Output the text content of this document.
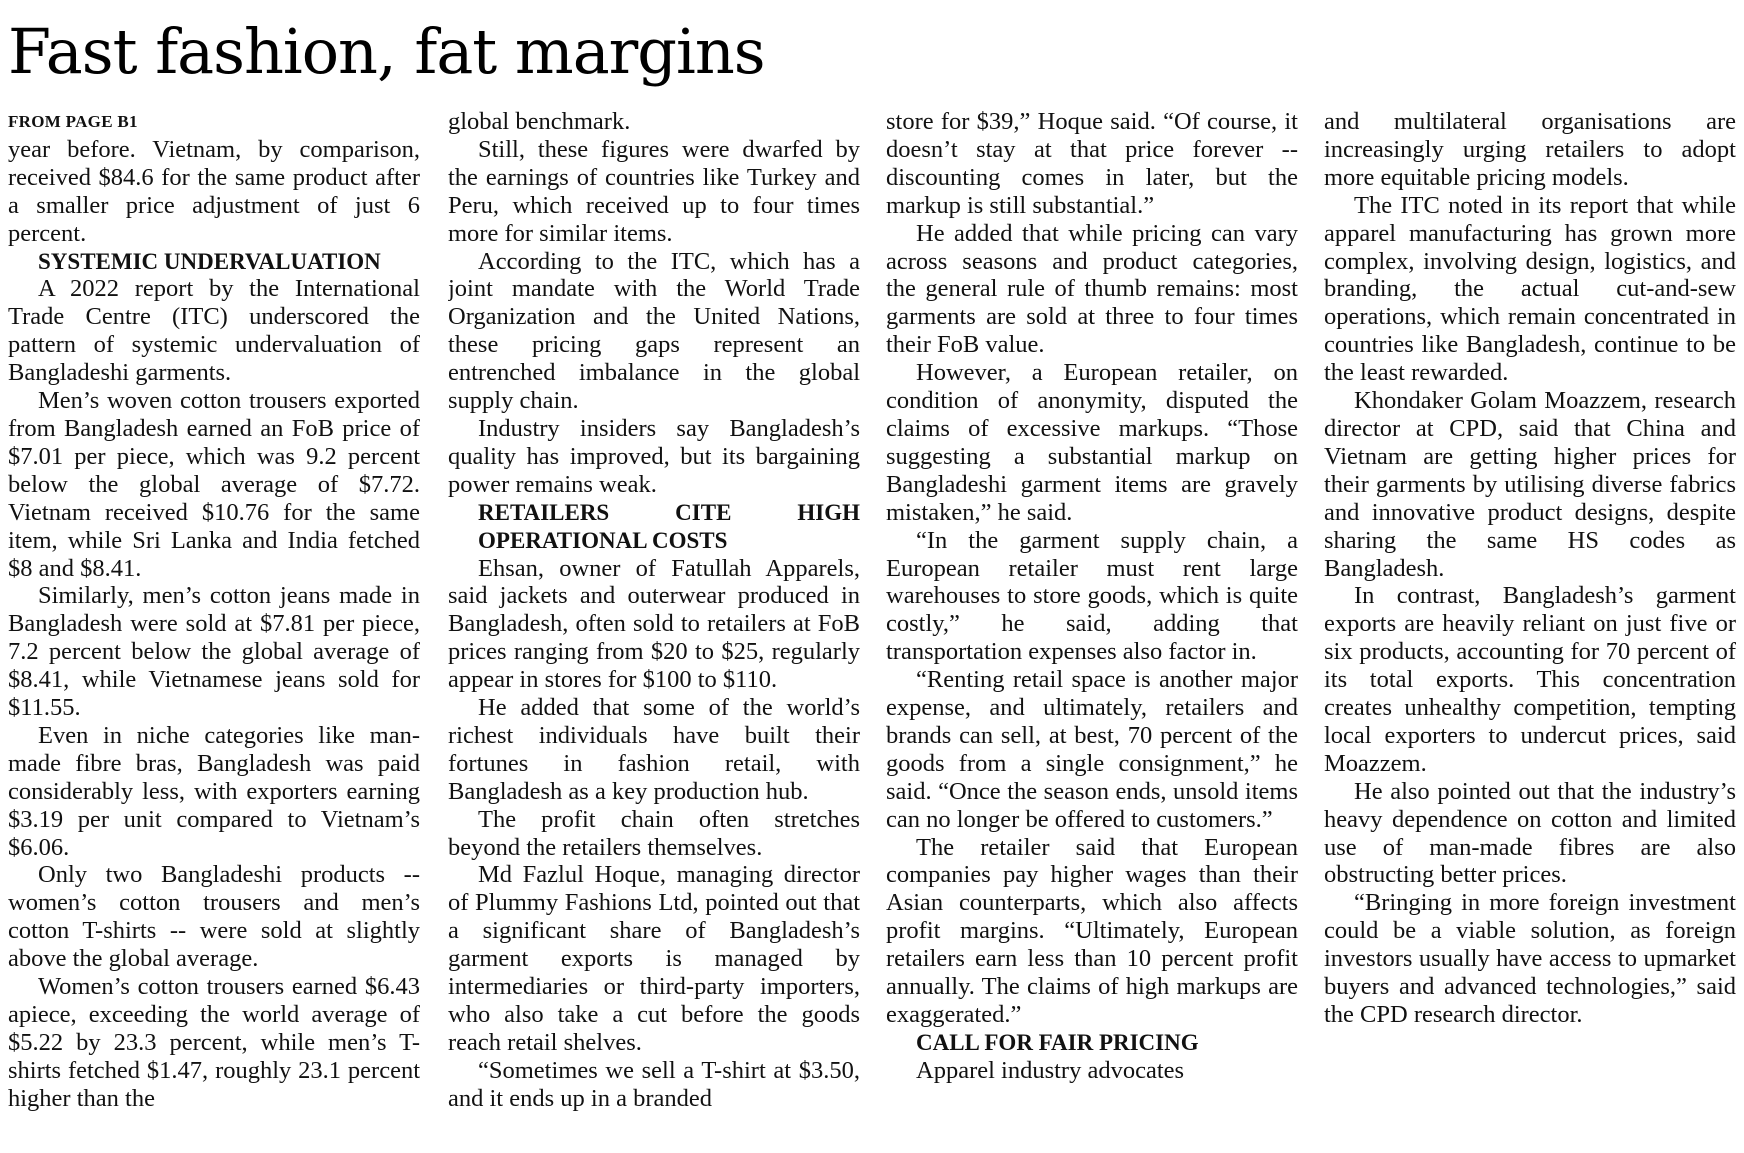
Fast fashion, fat margins
FROM PAGE B1

year before. Vietnam, by comparison, received $84.6 for the same product after a smaller price adjustment of just 6 percent.

SYSTEMIC UNDERVALUATION

A 2022 report by the International Trade Centre (ITC) underscored the pattern of systemic undervaluation of Bangladeshi garments.

Men’s woven cotton trousers exported from Bangladesh earned an FoB price of $7.01 per piece, which was 9.2 percent below the global average of $7.72. Vietnam received $10.76 for the same item, while Sri Lanka and India fetched $8 and $8.41.

Similarly, men’s cotton jeans made in Bangladesh were sold at $7.81 per piece, 7.2 percent below the global average of $8.41, while Vietnamese jeans sold for $11.55.

Even in niche categories like man-made fibre bras, Bangladesh was paid considerably less, with exporters earning $3.19 per unit compared to Vietnam’s $6.06.

Only two Bangladeshi products -- women’s cotton trousers and men’s cotton T-shirts -- were sold at slightly above the global average.

Women’s cotton trousers earned $6.43 apiece, exceeding the world average of $5.22 by 23.3 percent, while men’s T-shirts fetched $1.47, roughly 23.1 percent higher than the

global benchmark.

Still, these figures were dwarfed by the earnings of countries like Turkey and Peru, which received up to four times more for similar items.

According to the ITC, which has a joint mandate with the World Trade Organization and the United Nations, these pricing gaps represent an entrenched imbalance in the global supply chain.

Industry insiders say Bangladesh’s quality has improved, but its bargaining power remains weak.

RETAILERS CITE HIGH OPERATIONAL COSTS

Ehsan, owner of Fatullah Apparels, said jackets and outerwear produced in Bangladesh, often sold to retailers at FoB prices ranging from $20 to $25, regularly appear in stores for $100 to $110.

He added that some of the world’s richest individuals have built their fortunes in fashion retail, with Bangladesh as a key production hub.

The profit chain often stretches beyond the retailers themselves.

Md Fazlul Hoque, managing director of Plummy Fashions Ltd, pointed out that a significant share of Bangladesh’s garment exports is managed by intermediaries or third-party importers, who also take a cut before the goods reach retail shelves.

“Sometimes we sell a T-shirt at $3.50, and it ends up in a branded

store for $39,” Hoque said. “Of course, it doesn’t stay at that price forever -- discounting comes in later, but the markup is still substantial.”

He added that while pricing can vary across seasons and product categories, the general rule of thumb remains: most garments are sold at three to four times their FoB value.

However, a European retailer, on condition of anonymity, disputed the claims of excessive markups. “Those suggesting a substantial markup on Bangladeshi garment items are gravely mistaken,” he said.

“In the garment supply chain, a European retailer must rent large warehouses to store goods, which is quite costly,” he said, adding that transportation expenses also factor in.

“Renting retail space is another major expense, and ultimately, retailers and brands can sell, at best, 70 percent of the goods from a single consignment,” he said. “Once the season ends, unsold items can no longer be offered to customers.”

The retailer said that European companies pay higher wages than their Asian counterparts, which also affects profit margins. “Ultimately, European retailers earn less than 10 percent profit annually. The claims of high markups are exaggerated.”

CALL FOR FAIR PRICING

Apparel industry advocates

and multilateral organisations are increasingly urging retailers to adopt more equitable pricing models.

The ITC noted in its report that while apparel manufacturing has grown more complex, involving design, logistics, and branding, the actual cut-and-sew operations, which remain concentrated in countries like Bangladesh, continue to be the least rewarded.

Khondaker Golam Moazzem, research director at CPD, said that China and Vietnam are getting higher prices for their garments by utilising diverse fabrics and innovative product designs, despite sharing the same HS codes as Bangladesh.

In contrast, Bangladesh’s garment exports are heavily reliant on just five or six products, accounting for 70 percent of its total exports. This concentration creates unhealthy competition, tempting local exporters to undercut prices, said Moazzem.

He also pointed out that the industry’s heavy dependence on cotton and limited use of man-made fibres are also obstructing better prices.

“Bringing in more foreign investment could be a viable solution, as foreign investors usually have access to upmarket buyers and advanced technologies,” said the CPD research director.
